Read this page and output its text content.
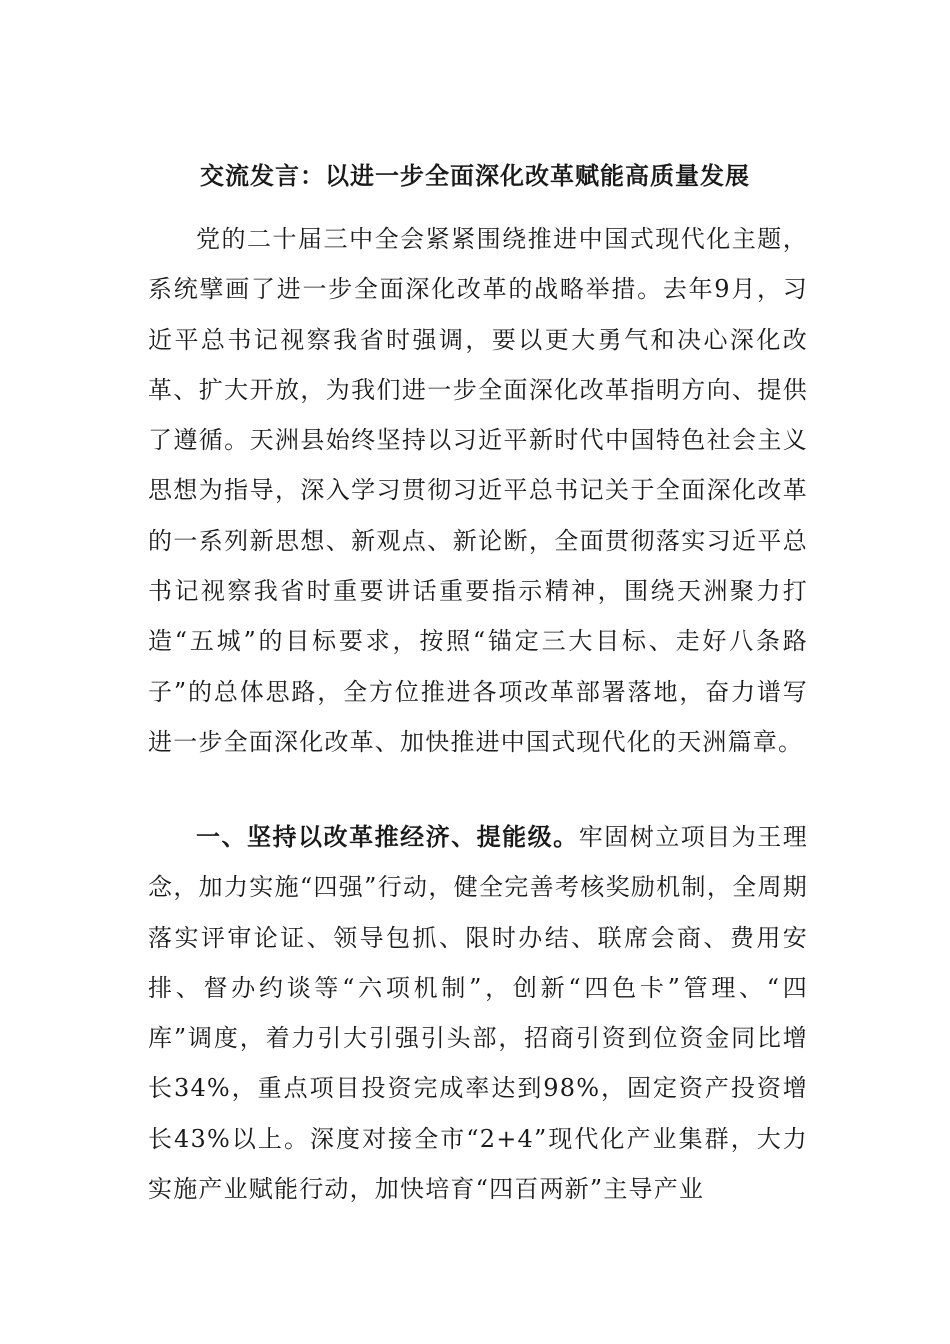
交流发言：以进一步全面深化改革赋能高质量发展

党的二十届三中全会紧紧围绕推进中国式现代化主题，系统擘画了进一步全面深化改革的战略举措。去年9月，习近平总书记视察我省时强调，要以更大勇气和决心深化改革、扩大开放，为我们进一步全面深化改革指明方向、提供了遵循。天洲县始终坚持以习近平新时代中国特色社会主义思想为指导，深入学习贯彻习近平总书记关于全面深化改革的一系列新思想、新观点、新论断，全面贯彻落实习近平总书记视察我省时重要讲话重要指示精神，围绕天洲聚力打造“五城”的目标要求，按照“锚定三大目标、走好八条路子”的总体思路，全方位推进各项改革部署落地，奋力谱写进一步全面深化改革、加快推进中国式现代化的天洲篇章。

一、坚持以改革推经济、提能级。牢固树立项目为王理念，加力实施“四强”行动，健全完善考核奖励机制，全周期落实评审论证、领导包抓、限时办结、联席会商、费用安排、督办约谈等“六项机制”，创新“四色卡”管理、“四库”调度，着力引大引强引头部，招商引资到位资金同比增长34%，重点项目投资完成率达到98%，固定资产投资增长43%以上。深度对接全市“2+4”现代化产业集群，大力实施产业赋能行动，加快培育“四百两新”主导产业
